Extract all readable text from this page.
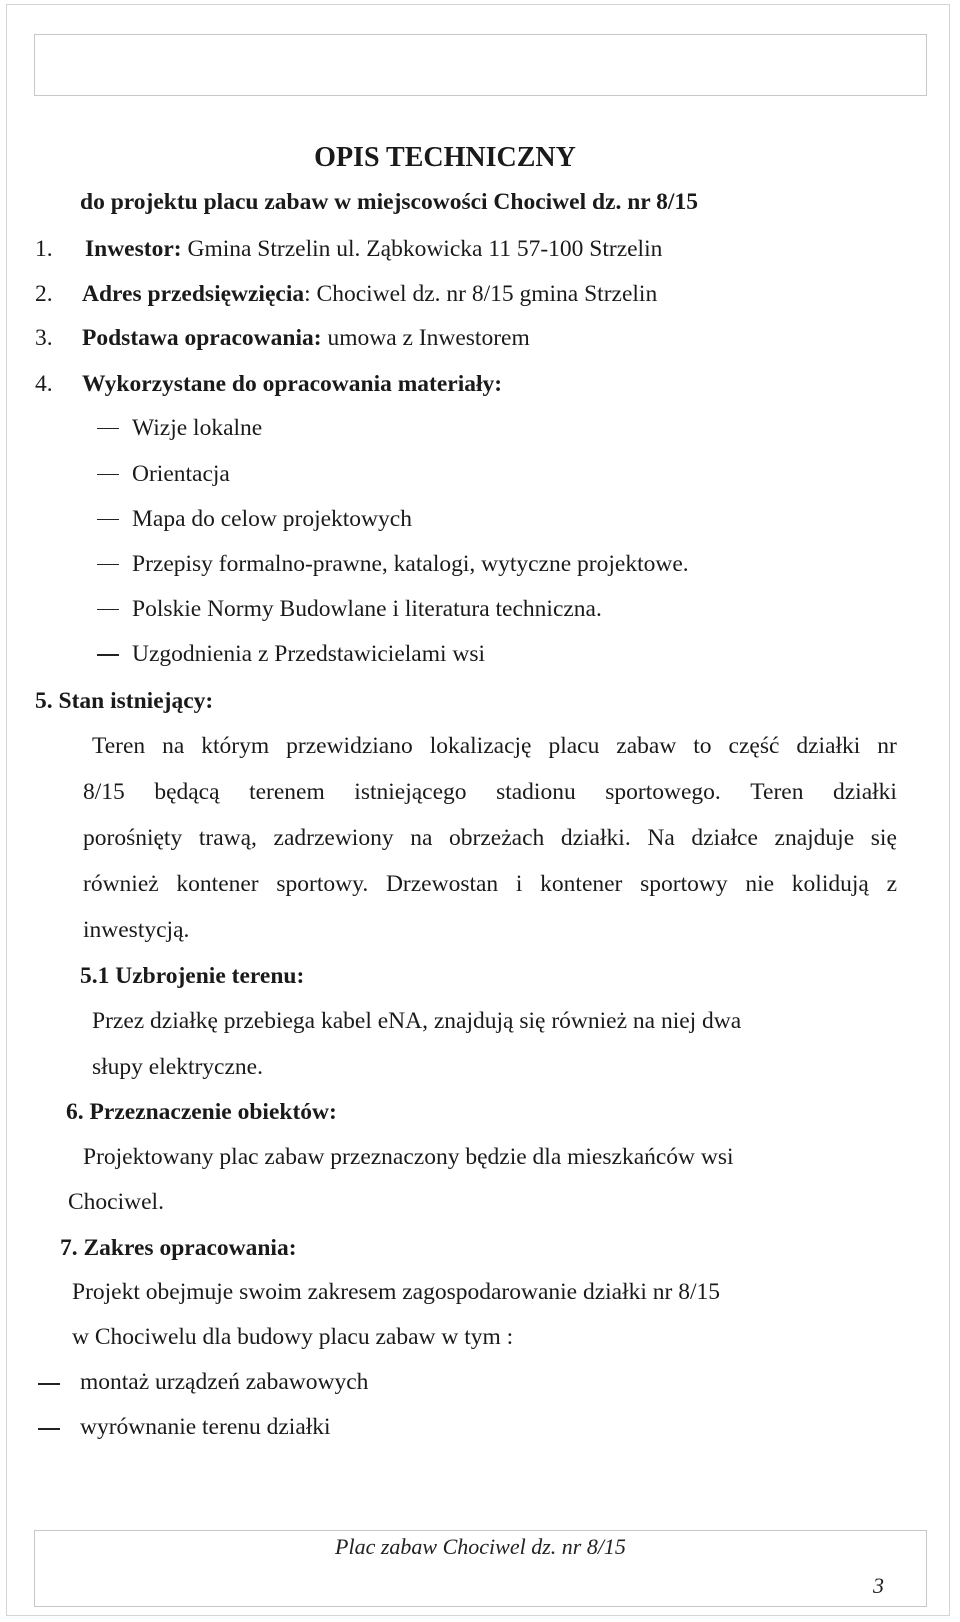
OPIS TECHNICZNY
do projektu placu zabaw w miejscowości Chociwel dz. nr 8/15
1. Inwestor: Gmina Strzelin ul. Ząbkowicka 11 57-100 Strzelin
2. Adres przedsięwzięcia: Chociwel dz. nr 8/15 gmina Strzelin
3. Podstawa opracowania: umowa z Inwestorem
4. Wykorzystane do opracowania materiały:
Wizje lokalne
Orientacja
Mapa do celow projektowych
Przepisy formalno-prawne, katalogi, wytyczne projektowe.
Polskie Normy Budowlane i literatura techniczna.
Uzgodnienia z Przedstawicielami wsi
5. Stan istniejący:
Teren na którym przewidziano lokalizację placu zabaw to część działki nr
8/15 będącą terenem istniejącego stadionu sportowego. Teren działki
porośnięty trawą, zadrzewiony na obrzeżach działki. Na działce znajduje się
również kontener sportowy. Drzewostan i kontener sportowy nie kolidują z
inwestycją.
5.1 Uzbrojenie terenu:
Przez działkę przebiega kabel eNA, znajdują się również na niej dwa
słupy elektryczne.
6. Przeznaczenie obiektów:
Projektowany plac zabaw przeznaczony będzie dla mieszkańców wsi
Chociwel.
7. Zakres opracowania:
Projekt obejmuje swoim zakresem zagospodarowanie działki nr 8/15
w Chociwelu dla budowy placu zabaw w tym :
montaż urządzeń zabawowych
wyrównanie terenu działki
Plac zabaw Chociwel dz. nr 8/15
3
